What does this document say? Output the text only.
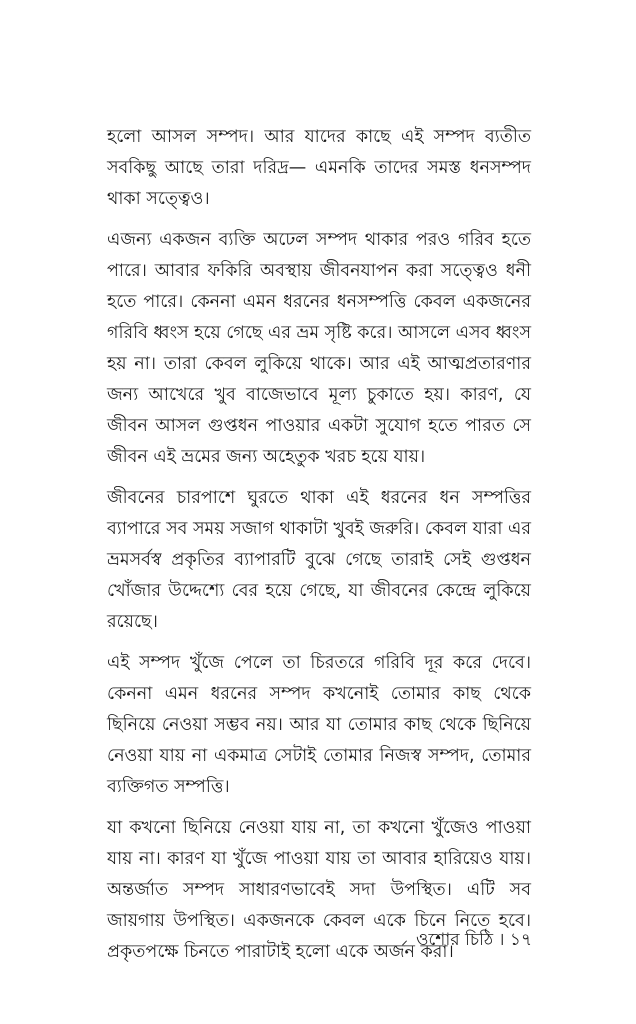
হলো আসল সম্পদ। আর যাদের কাছে এই সম্পদ ব্যতীত সবকিছু আছে তারা দরিদ্র— এমনকি তাদের সমস্ত ধনসম্পদ থাকা সত্ত্বেও।

এজন্য একজন ব্যক্তি অঢেল সম্পদ থাকার পরও গরিব হতে পারে। আবার ফকিরি অবস্থায় জীবনযাপন করা সত্ত্বেও ধনী হতে পারে। কেননা এমন ধরনের ধনসম্পত্তি কেবল একজনের গরিবি ধ্বংস হয়ে গেছে এর ভ্রম সৃষ্টি করে। আসলে এসব ধ্বংস হয় না। তারা কেবল লুকিয়ে থাকে। আর এই আত্মপ্রতারণার জন্য আখেরে খুব বাজেভাবে মূল্য চুকাতে হয়। কারণ, যে জীবন আসল গুপ্তধন পাওয়ার একটা সুযোগ হতে পারত সে জীবন এই ভ্রমের জন্য অহেতুক খরচ হয়ে যায়।

জীবনের চারপাশে ঘুরতে থাকা এই ধরনের ধন সম্পত্তির ব্যাপারে সব সময় সজাগ থাকাটা খুবই জরুরি। কেবল যারা এর ভ্রমসর্বস্ব প্রকৃতির ব্যাপারটি বুঝে গেছে তারাই সেই গুপ্তধন খোঁজার উদ্দেশ্যে বের হয়ে গেছে, যা জীবনের কেন্দ্রে লুকিয়ে রয়েছে।

এই সম্পদ খুঁজে পেলে তা চিরতরে গরিবি দূর করে দেবে। কেননা এমন ধরনের সম্পদ কখনোই তোমার কাছ থেকে ছিনিয়ে নেওয়া সম্ভব নয়। আর যা তোমার কাছ থেকে ছিনিয়ে নেওয়া যায় না একমাত্র সেটাই তোমার নিজস্ব সম্পদ, তোমার ব্যক্তিগত সম্পত্তি।

যা কখনো ছিনিয়ে নেওয়া যায় না, তা কখনো খুঁজেও পাওয়া যায় না। কারণ যা খুঁজে পাওয়া যায় তা আবার হারিয়েও যায়। অন্তর্জাত সম্পদ সাধারণভাবেই সদা উপস্থিত। এটি সব জায়গায় উপস্থিত। একজনকে কেবল একে চিনে নিতে হবে। প্রকৃতপক্ষে চিনতে পারাটাই হলো একে অর্জন করা।

ওশোর চিঠি । ১৭
